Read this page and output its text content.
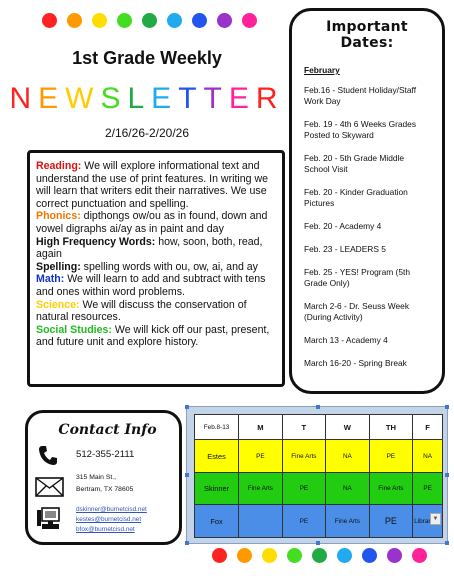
1st Grade Weekly
NEWSLETTER
2/16/26-2/20/26

Reading: We will explore informational text and understand the use of print features. In writing we will learn that writers edit their narratives. We use correct punctuation and spelling.

Phonics: dipthongs ow/ou as in found, down and vowel digraphs ai/ay as in paint and day

High Frequency Words: how, soon, both, read, again

Spelling: spelling words with ou, ow, ai, and ay

Math: We will learn to add and subtract with tens and ones within word problems.

Science: We will discuss the conservation of natural resources.

Social Studies: We will kick off our past, present, and future unit and explore history.

Important Dates:
February
Feb.16 - Student Holiday/Staff Work Day
Feb. 19 - 4th 6 Weeks Grades Posted to Skyward
Feb. 20 - 5th Grade Middle School Visit
Feb. 20 - Kinder Graduation Pictures
Feb. 20 - Academy 4
Feb. 23 - LEADERS 5
Feb. 25 - YES! Program (5th Grade Only)
March 2-6 - Dr. Seuss Week (During Activity)
March 13 - Academy 4
March 16-20 - Spring Break
Contact Info
512-355-2111
315 Main St.,
Bertram, TX 78605
dskinner@burnetcisd.net
kestes@burnetcisd.net
bfox@burnetcisd.net
Feb.8-13	M	T	W	TH	F
Estes	PE	Fine Arts	NA	PE	NA
Skinner	Fine Arts	PE	NA	Fine Arts	PE
Fox		PE	Fine Arts	PE	Librar ▼
